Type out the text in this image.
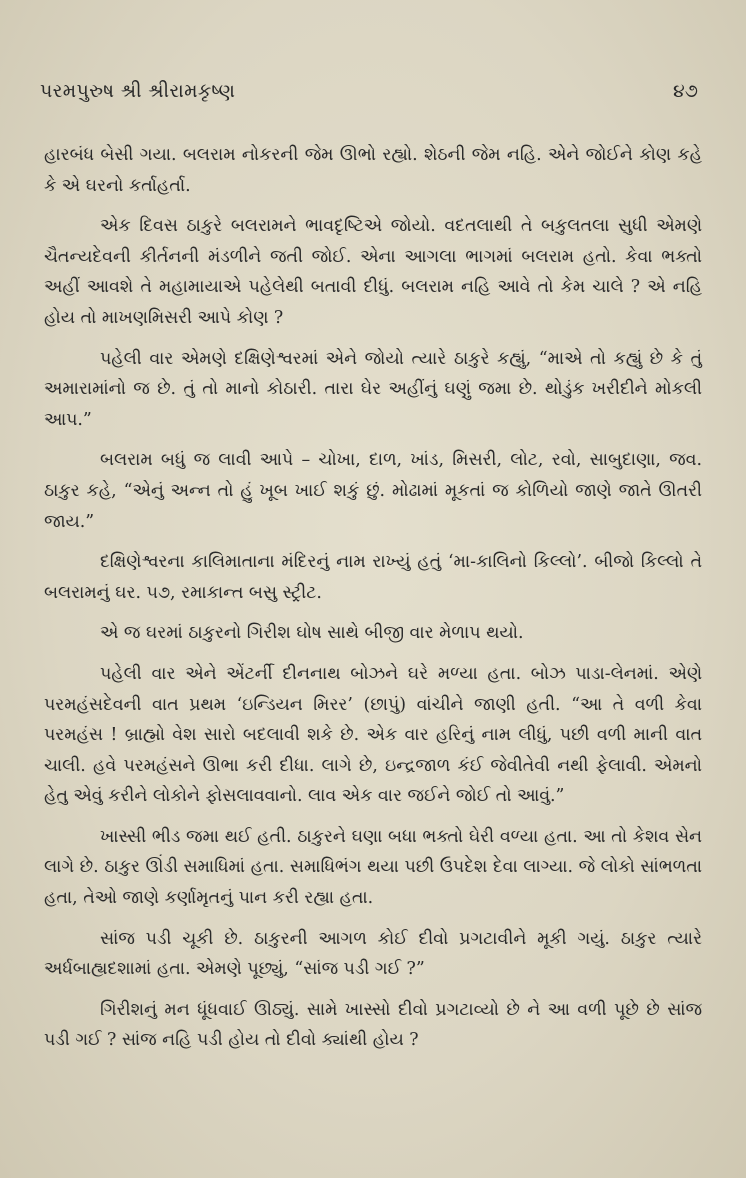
પરમપુરુષ શ્રી શ્રીરામકૃષ્ણ	૪૭

હારબંધ બેસી ગયા. બલરામ નોકરની જેમ ઊભો રહ્યો. શેઠની જેમ નહિ. એને જોઈને કોણ કહે કે એ ઘરનો કર્તાહર્તા.

એક દિવસ ઠાકુરે બલરામને ભાવદૃષ્ટિએ જોયો. વદતલાથી તે બકુલતલા સુધી એમણે ચૈતન્યદેવની કીર્તનની મંડળીને જતી જોઈ. એના આગલા ભાગમાં બલરામ હતો. કેવા ભક્તો અહીં આવશે તે મહામાયાએ પહેલેથી બતાવી દીધું. બલરામ નહિ આવે તો કેમ ચાલે ? એ નહિ હોય તો માખણમિસરી આપે કોણ ?

પહેલી વાર એમણે દક્ષિણેશ્વરમાં એને જોયો ત્યારે ઠાકુરે કહ્યું, “માએ તો કહ્યું છે કે તું અમારામાંનો જ છે. તું તો માનો કોઠારી. તારા ઘેર અહીંનું ઘણું જમા છે. થોડુંક ખરીદીને મોકલી આપ.”

બલરામ બધું જ લાવી આપે – ચોખા, દાળ, ખાંડ, મિસરી, લોટ, રવો, સાબુદાણા, જવ. ઠાકુર કહે, “એનું અન્ન તો હું ખૂબ ખાઈ શકું છું. મોઢામાં મૂકતાં જ કોળિયો જાણે જાતે ઊતરી જાય.”

દક્ષિણેશ્વરના કાલિમાતાના મંદિરનું નામ રાખ્યું હતું ‘મા-કાલિનો કિલ્લો’. બીજો કિલ્લો તે બલરામનું ઘર. ૫૭, રમાકાન્ત બસુ સ્ટ્રીટ.

એ જ ઘરમાં ઠાકુરનો ગિરીશ ઘોષ સાથે બીજી વાર મેળાપ થયો.

પહેલી વાર એને એંટર્ની દીનનાથ બોઝને ઘરે મળ્યા હતા. બોઝ પાડા-લેનમાં. એણે પરમહંસદેવની વાત પ્રથમ ‘ઇન્ડિયન મિરર’ (છાપું) વાંચીને જાણી હતી. “આ તે વળી કેવા પરમહંસ ! બ્રાહ્મો વેશ સારો બદલાવી શકે છે. એક વાર હરિનું નામ લીધું, પછી વળી માની વાત ચાલી. હવે પરમહંસને ઊભા કરી દીધા. લાગે છે, ઇન્દ્રજાળ કંઈ જેવીતેવી નથી ફેલાવી. એમનો હેતુ એવું કરીને લોકોને ફોસલાવવાનો. લાવ એક વાર જઈને જોઈ તો આવું.”

ખાસ્સી ભીડ જમા થઈ હતી. ઠાકુરને ઘણા બધા ભક્તો ઘેરી વળ્યા હતા. આ તો કેશવ સેન લાગે છે. ઠાકુર ઊંડી સમાધિમાં હતા. સમાધિભંગ થયા પછી ઉપદેશ દેવા લાગ્યા. જે લોકો સાંભળતા હતા, તેઓ જાણે કર્ણામૃતનું પાન કરી રહ્યા હતા.

સાંજ પડી ચૂકી છે. ઠાકુરની આગળ કોઈ દીવો પ્રગટાવીને મૂકી ગયું. ઠાકુર ત્યારે અર્ધબાહ્યદશામાં હતા. એમણે પૂછ્યું, “સાંજ પડી ગઈ ?”

ગિરીશનું મન ધૂંધવાઈ ઊઠ્યું. સામે ખાસ્સો દીવો પ્રગટાવ્યો છે ને આ વળી પૂછે છે સાંજ પડી ગઈ ? સાંજ નહિ પડી હોય તો દીવો ક્યાંથી હોય ?
